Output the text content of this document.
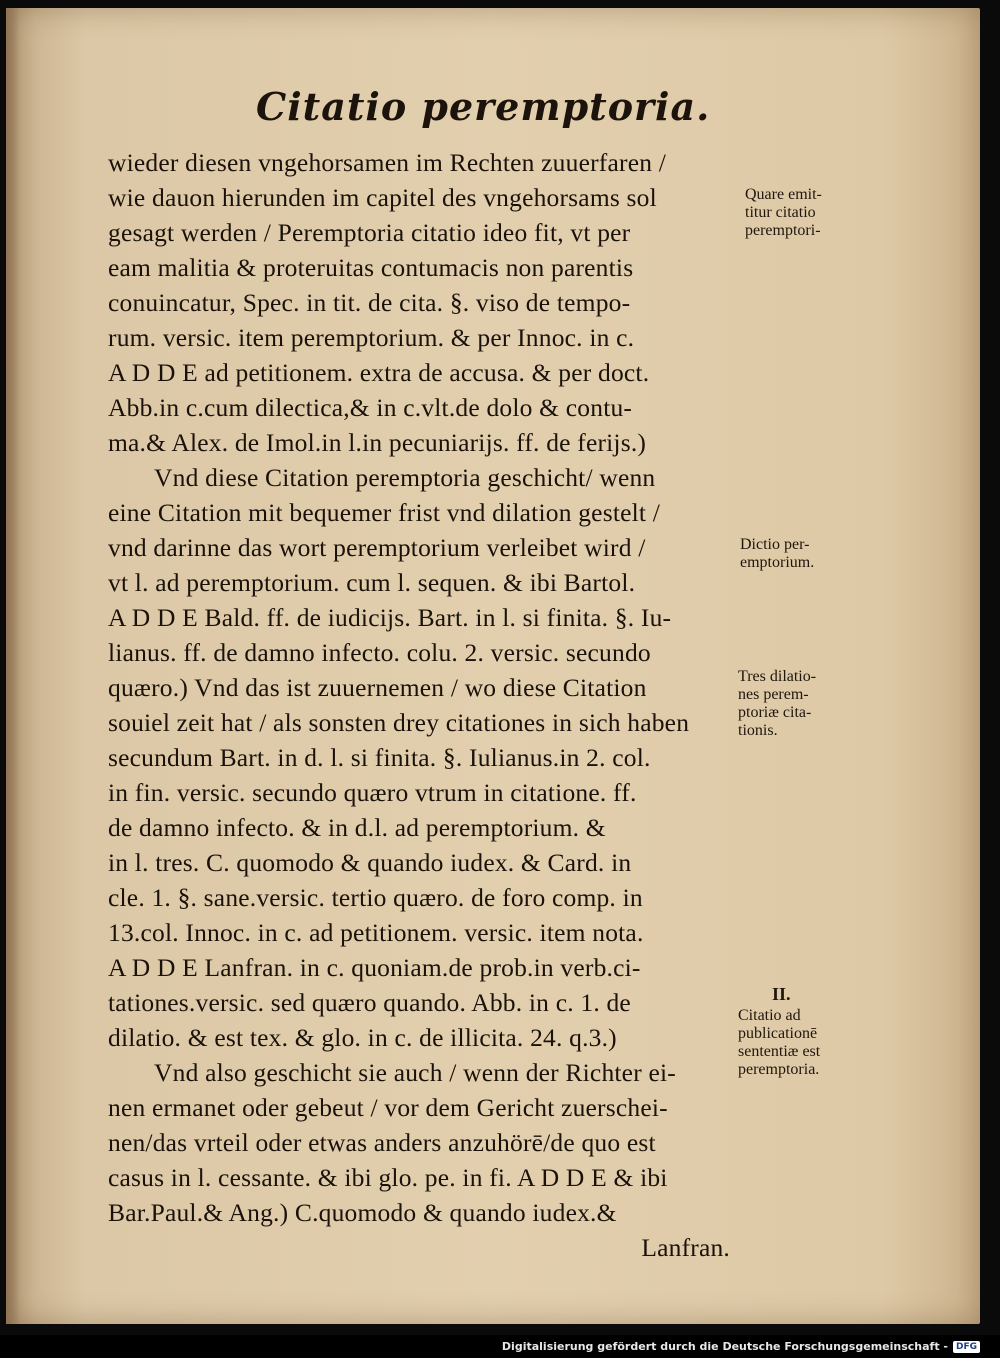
Citatio peremptoria.
wieder diesen vngehorsamen im Rechten zuuerfaren /
wie dauon hierunden im capitel des vngehorsams sol
gesagt werden / Peremptoria citatio ideo fit, vt per
eam malitia & proteruitas contumacis non parentis
conuincatur, Spec. in tit. de cita. §. viso de tempo-
rum. versic. item peremptorium. & per Innoc. in c.
A D D E ad petitionem. extra de accusa. & per doct.
Abb.in c.cum dilectica,& in c.vlt.de dolo & contu-
ma.& Alex. de Imol.in l.in pecuniarijs. ff. de ferijs.)
Vnd diese Citation peremptoria geschicht/ wenn
eine Citation mit bequemer frist vnd dilation gestelt /
vnd darinne das wort peremptorium verleibet wird /
vt l. ad peremptorium. cum l. sequen. & ibi Bartol.
A D D E Bald. ff. de iudicijs. Bart. in l. si finita. §. Iu-
lianus. ff. de damno infecto. colu. 2. versic. secundo
quæro.) Vnd das ist zuuernemen / wo diese Citation
souiel zeit hat / als sonsten drey citationes in sich haben
secundum Bart. in d. l. si finita. §. Iulianus.in 2. col.
in fin. versic. secundo quæro vtrum in citatione. ff.
de damno infecto. & in d.l. ad peremptorium. &
in l. tres. C. quomodo & quando iudex. & Card. in
cle. 1. §. sane.versic. tertio quæro. de foro comp. in
13.col. Innoc. in c. ad petitionem. versic. item nota.
A D D E Lanfran. in c. quoniam.de prob.in verb.ci-
tationes.versic. sed quæro quando. Abb. in c. 1. de
dilatio. & est tex. & glo. in c. de illicita. 24. q.3.)
Vnd also geschicht sie auch / wenn der Richter ei-
nen ermanet oder gebeut / vor dem Gericht zuerschei-
nen/das vrteil oder etwas anders anzuhörē/de quo est
casus in l. cessante. & ibi glo. pe. in fi. A D D E & ibi
Bar.Paul.& Ang.) C.quomodo & quando iudex.&
Lanfran.
Quare emit-
titur citatio
peremptori-
Dictio per-
emptorium.
Tres dilatio-
nes perem-
ptoriæ cita-
tionis.
II.
Citatio ad
publicationē
sententiæ est
peremptoria.
Digitalisierung gefördert durch die Deutsche Forschungsgemeinschaft - DFG
